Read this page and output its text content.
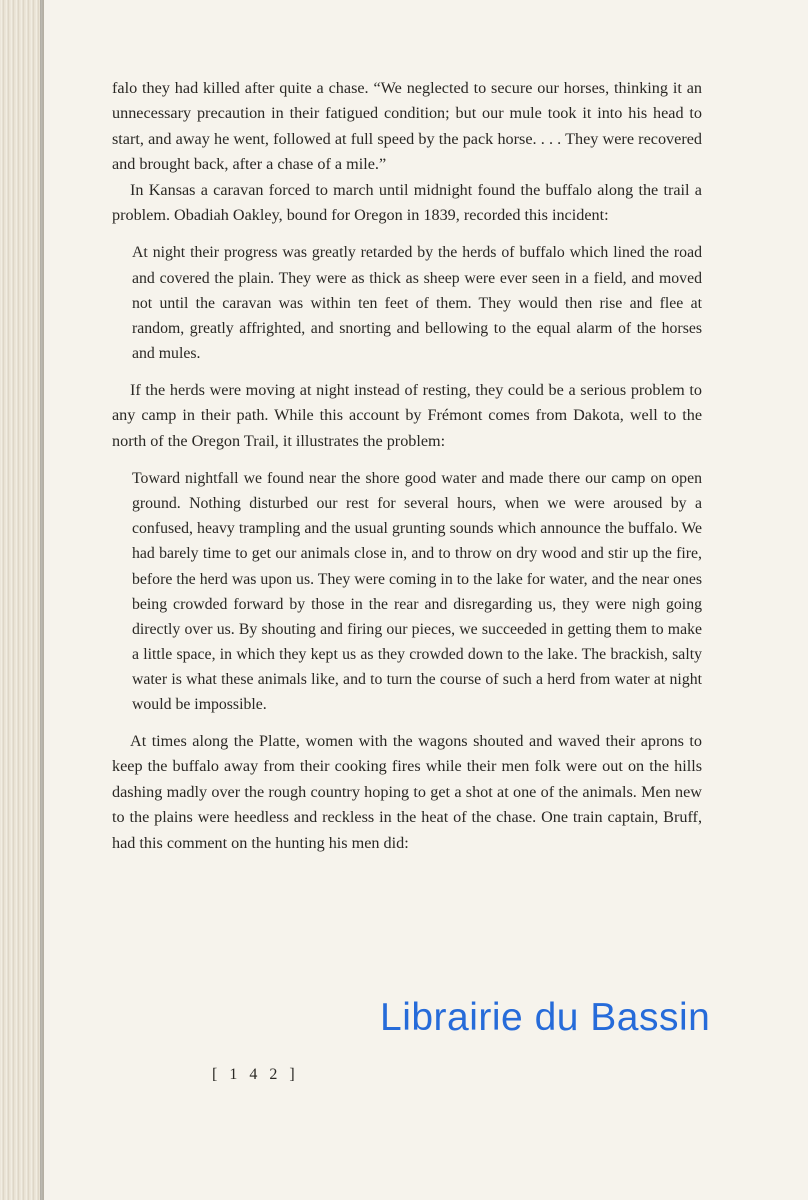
falo they had killed after quite a chase. “We neglected to secure our horses, thinking it an unnecessary precaution in their fatigued condition; but our mule took it into his head to start, and away he went, followed at full speed by the pack horse. . . . They were recovered and brought back, after a chase of a mile.”

In Kansas a caravan forced to march until midnight found the buffalo along the trail a problem. Obadiah Oakley, bound for Oregon in 1839, recorded this incident:

At night their progress was greatly retarded by the herds of buffalo which lined the road and covered the plain. They were as thick as sheep were ever seen in a field, and moved not until the caravan was within ten feet of them. They would then rise and flee at random, greatly affrighted, and snorting and bellowing to the equal alarm of the horses and mules.

If the herds were moving at night instead of resting, they could be a serious problem to any camp in their path. While this account by Frémont comes from Dakota, well to the north of the Oregon Trail, it illustrates the problem:

Toward nightfall we found near the shore good water and made there our camp on open ground. Nothing disturbed our rest for several hours, when we were aroused by a confused, heavy trampling and the usual grunting sounds which announce the buffalo. We had barely time to get our animals close in, and to throw on dry wood and stir up the fire, before the herd was upon us. They were coming in to the lake for water, and the near ones being crowded forward by those in the rear and disregarding us, they were nigh going directly over us. By shouting and firing our pieces, we succeeded in getting them to make a little space, in which they kept us as they crowded down to the lake. The brackish, salty water is what these animals like, and to turn the course of such a herd from water at night would be impossible.

At times along the Platte, women with the wagons shouted and waved their aprons to keep the buffalo away from their cooking fires while their men folk were out on the hills dashing madly over the rough country hoping to get a shot at one of the animals. Men new to the plains were heedless and reckless in the heat of the chase. One train captain, Bruff, had this comment on the hunting his men did:

[ 1 4 2 ]
Librairie du Bassin
